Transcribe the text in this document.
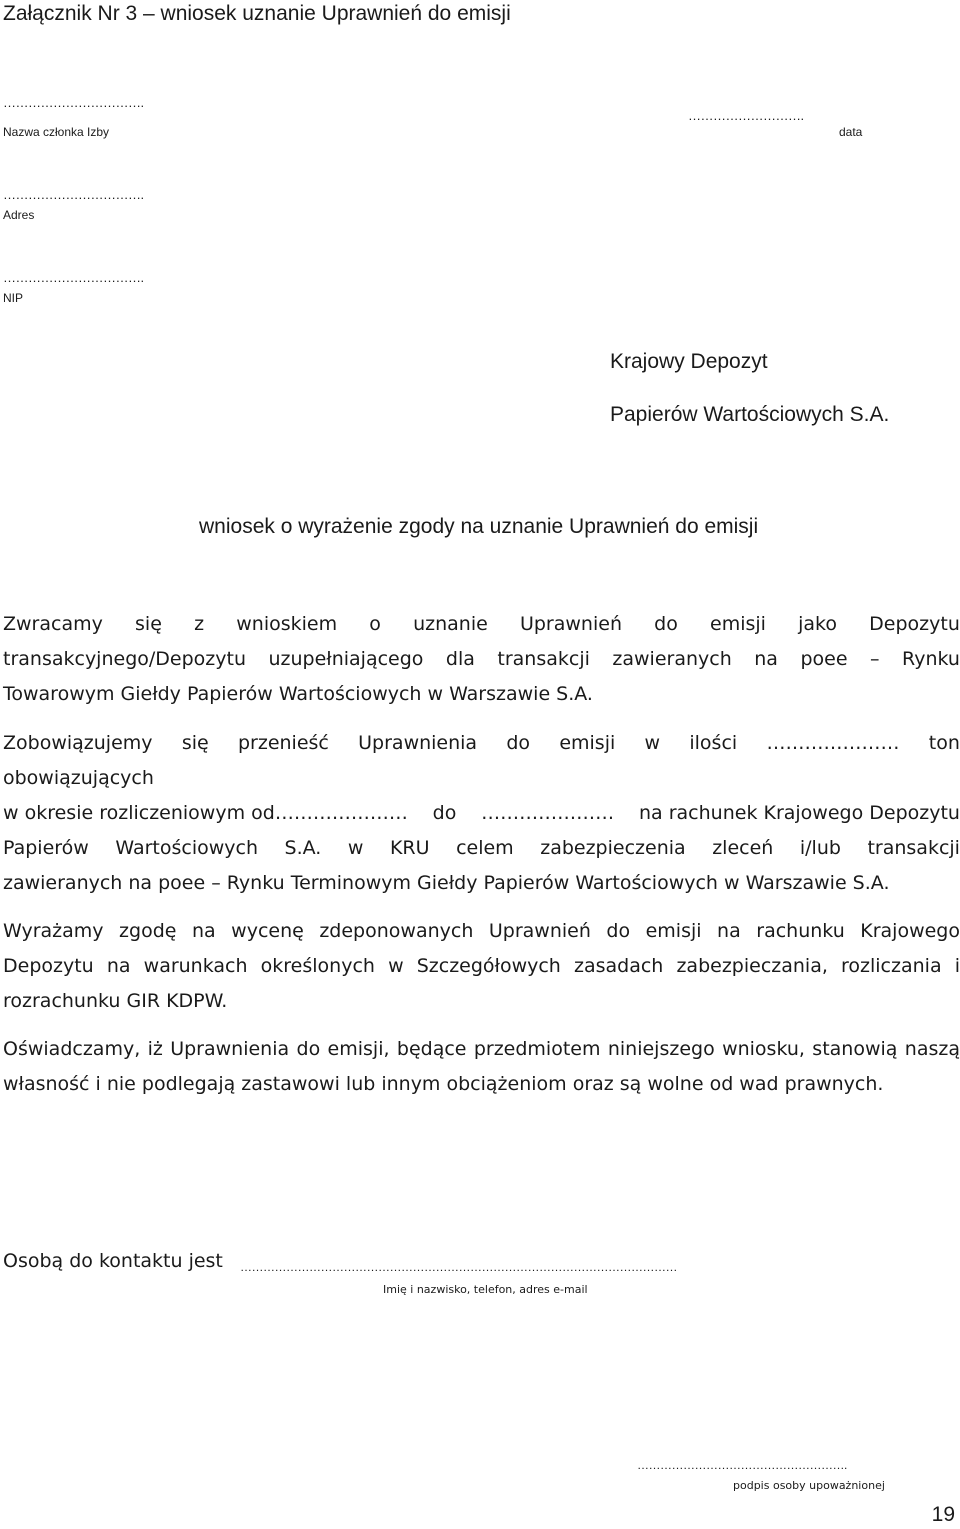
Załącznik Nr 3 – wniosek uznanie Uprawnień do emisji
…………………………….
Nazwa członka Izby
……………………….
data
…………………………….
Adres
…………………………….
NIP
Krajowy Depozyt
Papierów Wartościowych S.A.
wniosek o wyrażenie zgody na uznanie Uprawnień do emisji
Zwracamy się z wnioskiem o uznanie Uprawnień do emisji jako Depozytu
transakcyjnego/Depozytu uzupełniającego dla transakcji zawieranych na poee – Rynku
Towarowym Giełdy Papierów Wartościowych w Warszawie S.A.
Zobowiązujemy się przenieść Uprawnienia do emisji w ilości ………………… ton
obowiązujących
w okresie rozliczeniowym od………………… do ………………… na rachunek Krajowego Depozytu
Papierów Wartościowych S.A. w KRU celem zabezpieczenia zleceń i/lub transakcji
zawieranych na poee – Rynku Terminowym Giełdy Papierów Wartościowych w Warszawie S.A.
Wyrażamy zgodę na wycenę zdeponowanych Uprawnień do emisji na rachunku Krajowego Depozytu na warunkach określonych w Szczegółowych zasadach zabezpieczania, rozliczania i rozrachunku GIR KDPW.
Oświadczamy, iż Uprawnienia do emisji, będące przedmiotem niniejszego wniosku, stanowią naszą własność i nie podlegają zastawowi lub innym obciążeniom oraz są wolne od wad prawnych.
Osobą do kontaktu jest ……………………………………………………………………………………………………
Imię i nazwisko, telefon, adres e-mail
……………………………………………….
podpis osoby upoważnionej
19
